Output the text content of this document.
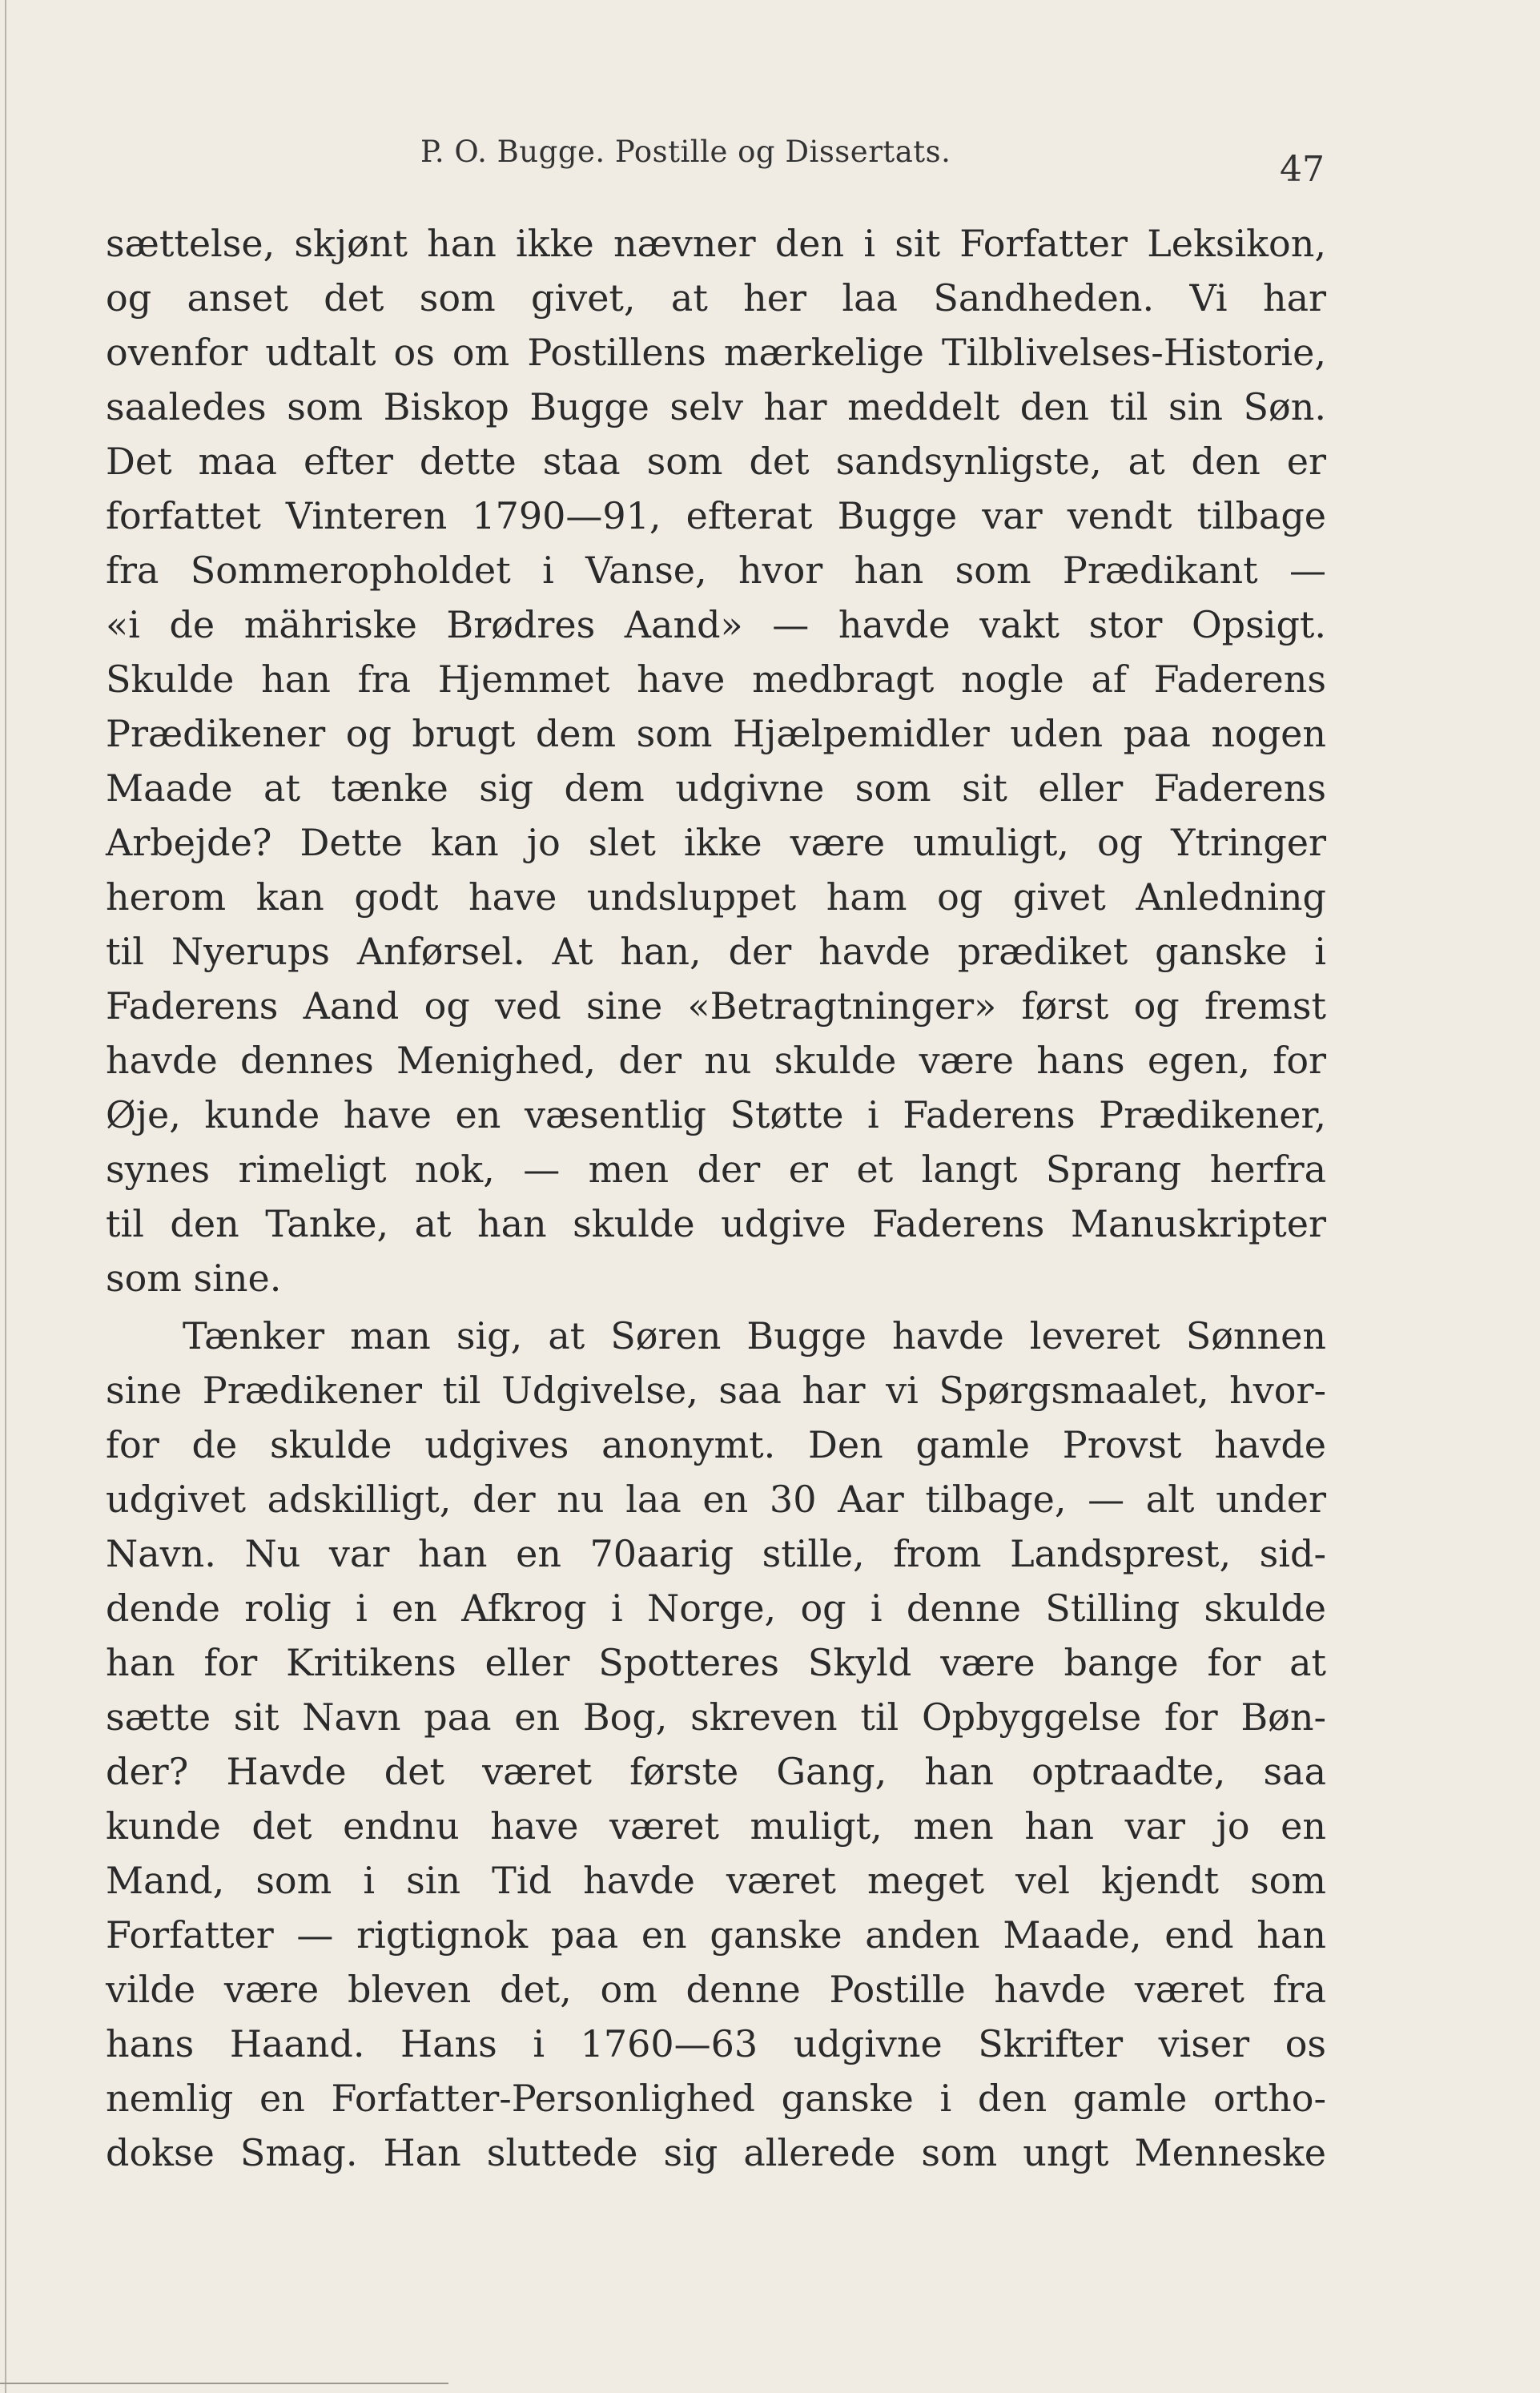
P. O. Bugge. Postille og Dissertats.	47
sættelse, skjønt han ikke nævner den i sit Forfatter Leksikon,
og anset det som givet, at her laa Sandheden. Vi har
ovenfor udtalt os om Postillens mærkelige Tilblivelses-Historie,
saaledes som Biskop Bugge selv har meddelt den til sin Søn.
Det maa efter dette staa som det sandsynligste, at den er
forfattet Vinteren 1790—91, efterat Bugge var vendt tilbage
fra Sommeropholdet i Vanse, hvor han som Prædikant —
«i de mähriske Brødres Aand» — havde vakt stor Opsigt.
Skulde han fra Hjemmet have medbragt nogle af Faderens
Prædikener og brugt dem som Hjælpemidler uden paa nogen
Maade at tænke sig dem udgivne som sit eller Faderens
Arbejde? Dette kan jo slet ikke være umuligt, og Ytringer
herom kan godt have undsluppet ham og givet Anledning
til Nyerups Anførsel. At han, der havde prædiket ganske i
Faderens Aand og ved sine «Betragtninger» først og fremst
havde dennes Menighed, der nu skulde være hans egen, for
Øje, kunde have en væsentlig Støtte i Faderens Prædikener,
synes rimeligt nok, — men der er et langt Sprang herfra
til den Tanke, at han skulde udgive Faderens Manuskripter
som sine.
Tænker man sig, at Søren Bugge havde leveret Sønnen
sine Prædikener til Udgivelse, saa har vi Spørgsmaalet, hvor-
for de skulde udgives anonymt. Den gamle Provst havde
udgivet adskilligt, der nu laa en 30 Aar tilbage, — alt under
Navn. Nu var han en 70aarig stille, from Landsprest, sid-
dende rolig i en Afkrog i Norge, og i denne Stilling skulde
han for Kritikens eller Spotteres Skyld være bange for at
sætte sit Navn paa en Bog, skreven til Opbyggelse for Bøn-
der? Havde det været første Gang, han optraadte, saa
kunde det endnu have været muligt, men han var jo en
Mand, som i sin Tid havde været meget vel kjendt som
Forfatter — rigtignok paa en ganske anden Maade, end han
vilde være bleven det, om denne Postille havde været fra
hans Haand. Hans i 1760—63 udgivne Skrifter viser os
nemlig en Forfatter-Personlighed ganske i den gamle ortho-
dokse Smag. Han sluttede sig allerede som ungt Menneske
